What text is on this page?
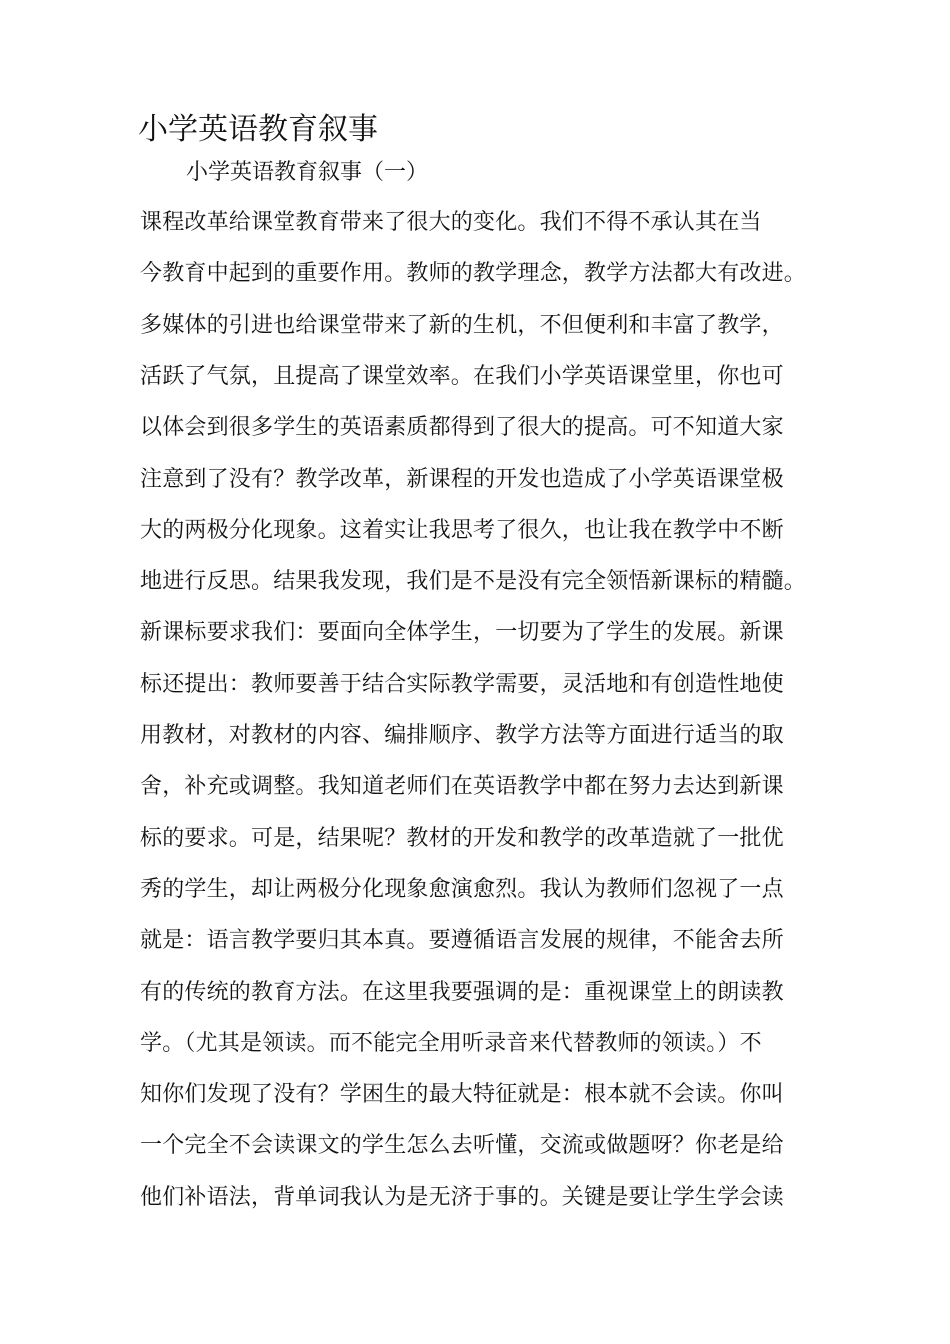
小学英语教育叙事
小学英语教育叙事（一）
课程改革给课堂教育带来了很大的变化。我们不得不承认其在当
今教育中起到的重要作用。教师的教学理念，教学方法都大有改进。
多媒体的引进也给课堂带来了新的生机，不但便利和丰富了教学，
活跃了气氛，且提高了课堂效率。在我们小学英语课堂里，你也可
以体会到很多学生的英语素质都得到了很大的提高。可不知道大家
注意到了没有？教学改革，新课程的开发也造成了小学英语课堂极
大的两极分化现象。这着实让我思考了很久，也让我在教学中不断
地进行反思。结果我发现，我们是不是没有完全领悟新课标的精髓。
新课标要求我们：要面向全体学生，一切要为了学生的发展。新课
标还提出：教师要善于结合实际教学需要，灵活地和有创造性地使
用教材，对教材的内容、编排顺序、教学方法等方面进行适当的取
舍，补充或调整。我知道老师们在英语教学中都在努力去达到新课
标的要求。可是，结果呢？教材的开发和教学的改革造就了一批优
秀的学生，却让两极分化现象愈演愈烈。我认为教师们忽视了一点
就是：语言教学要归其本真。要遵循语言发展的规律，不能舍去所
有的传统的教育方法。在这里我要强调的是：重视课堂上的朗读教
学。（尤其是领读。而不能完全用听录音来代替教师的领读。）不
知你们发现了没有？学困生的最大特征就是：根本就不会读。你叫
一个完全不会读课文的学生怎么去听懂，交流或做题呀？你老是给
他们补语法，背单词我认为是无济于事的。关键是要让学生学会读
